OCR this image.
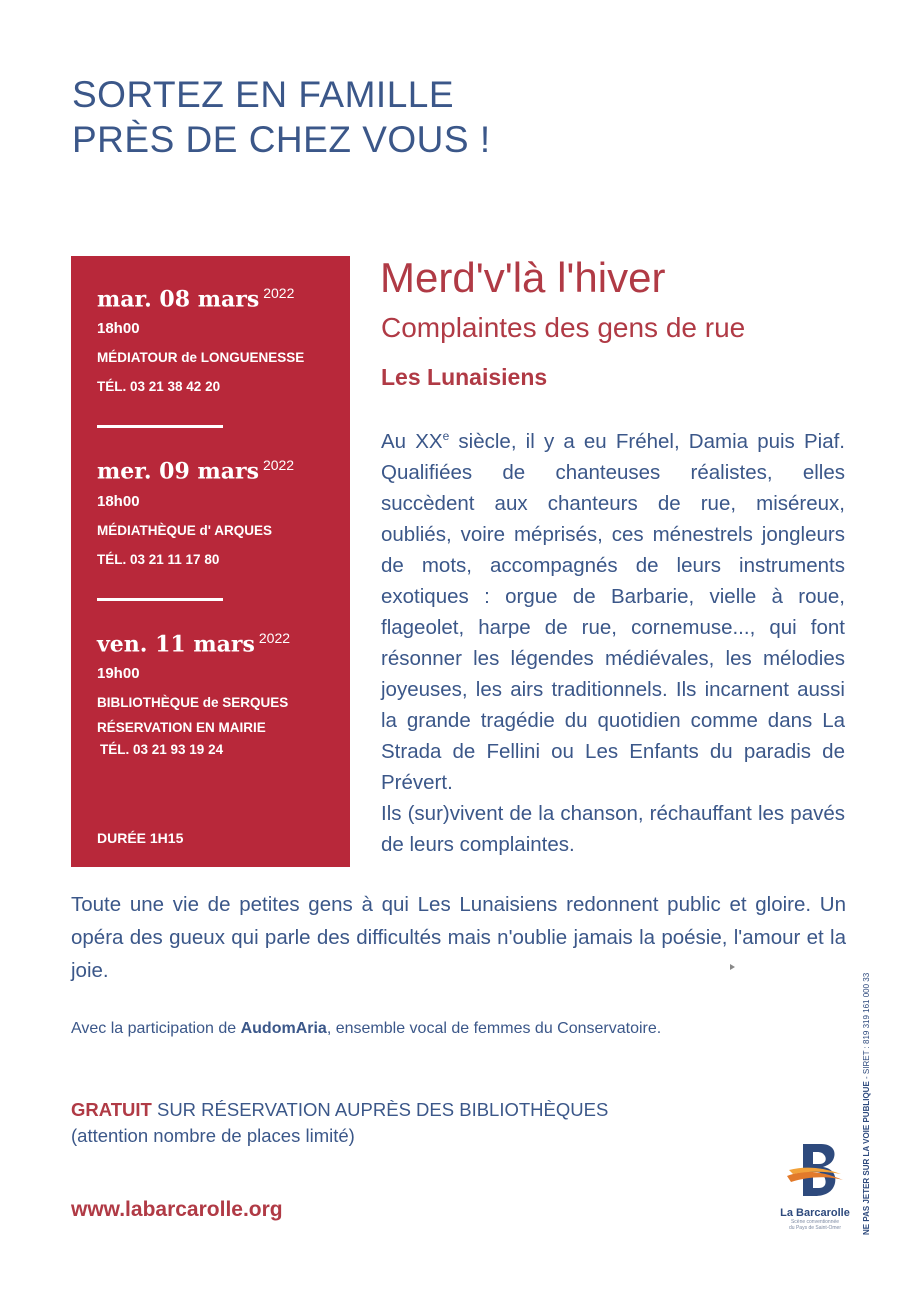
SORTEZ EN FAMILLE
PRÈS DE CHEZ VOUS !
mar. 08 mars $^{2022}$
18h00
MÉDIATOUR de LONGUENESSE
TÉL. 03 21 38 42 20
mer. 09 mars $^{2022}$
18h00
MÉDIATHÈQUE d' ARQUES
TÉL. 03 21 11 17 80
ven. 11 mars $^{2022}$
19h00
BIBLIOTHÈQUE de SERQUES
RÉSERVATION EN MAIRIE
TÉL. 03 21 93 19 24
DURÉE 1H15
Merd'v'là l'hiver
Complaintes des gens de rue
Les Lunaisiens
Au XXe siècle, il y a eu Fréhel, Damia puis Piaf. Qualifiées de chanteuses réalistes, elles succèdent aux chanteurs de rue, miséreux, oubliés, voire méprisés, ces ménestrels jongleurs de mots, accompagnés de leurs instruments exotiques : orgue de Barbarie, vielle à roue, flageolet, harpe de rue, cornemuse..., qui font résonner les légendes médiévales, les mélodies joyeuses, les airs traditionnels. Ils incarnent aussi la grande tragédie du quotidien comme dans La Strada de Fellini ou Les Enfants du paradis de Prévert.
Ils (sur)vivent de la chanson, réchauffant les pavés de leurs complaintes.
Toute une vie de petites gens à qui Les Lunaisiens redonnent public et gloire. Un opéra des gueux qui parle des difficultés mais n'oublie jamais la poésie, l'amour et la joie.
Avec la participation de AudomAria, ensemble vocal de femmes du Conservatoire.
GRATUIT SUR RÉSERVATION AUPRÈS DES BIBLIOTHÈQUES
(attention nombre de places limité)
www.labarcarolle.org	La Barcarolle
Scène conventionnée
du Pays de Saint-Omer	NE PAS JETER SUR LA VOIE PUBLIQUE - SIRET : 819 319 161 000 33
